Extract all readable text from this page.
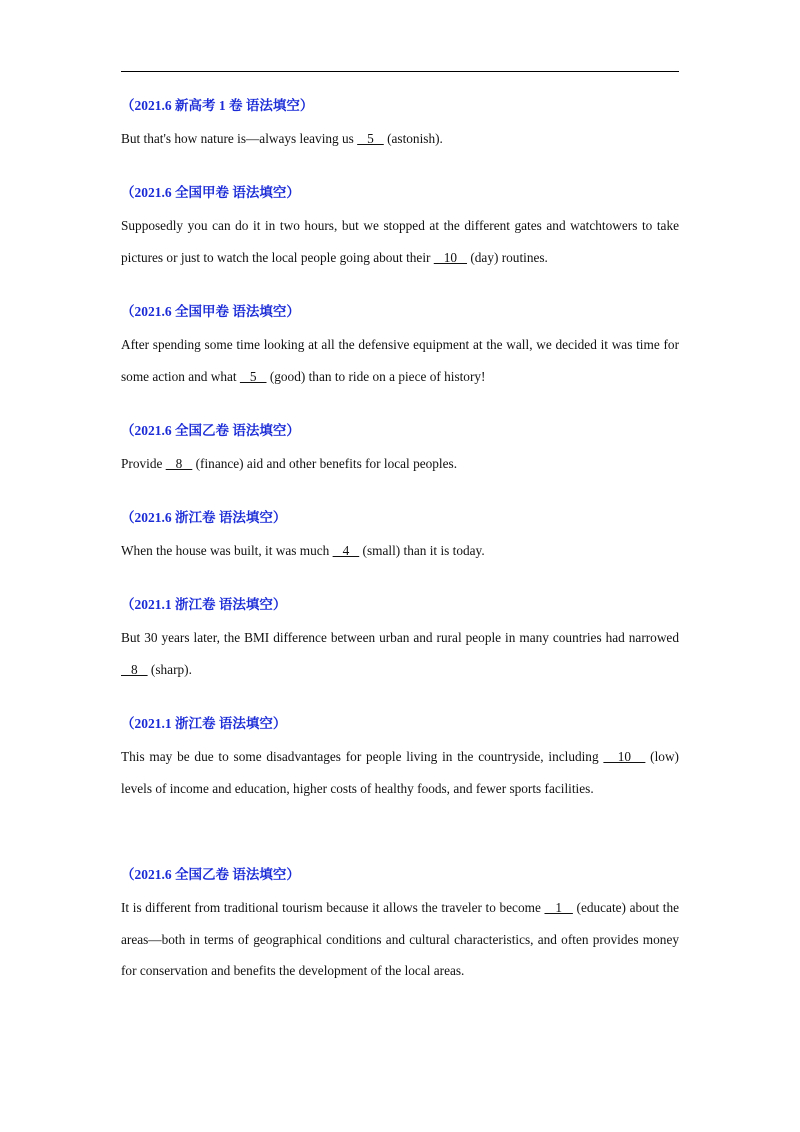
（2021.6 新高考 1 卷 语法填空）

But that's how nature is—always leaving us    5    (astonish).

（2021.6 全国甲卷 语法填空）

Supposedly you can do it in two hours, but we stopped at the different gates and watchtowers to take pictures or just to watch the local people going about their    10    (day) routines.

（2021.6 全国甲卷 语法填空）

After spending some time looking at all the defensive equipment at the wall, we decided it was time for some action and what    5    (good) than to ride on a piece of history!

（2021.6 全国乙卷 语法填空）

Provide    8    (finance) aid and other benefits for local peoples.

（2021.6 浙江卷 语法填空）

When the house was built, it was much    4    (small) than it is today.

（2021.1 浙江卷 语法填空）

But 30 years later, the BMI difference between urban and rural people in many countries had narrowed    8    (sharp).

（2021.1 浙江卷 语法填空）

This may be due to some disadvantages for people living in the countryside, including    10    (low) levels of income and education, higher costs of healthy foods, and fewer sports facilities.

（2021.6 全国乙卷 语法填空）

It is different from traditional tourism because it allows the traveler to become    1    (educate) about the areas—both in terms of geographical conditions and cultural characteristics, and often provides money for conservation and benefits the development of the local areas.
